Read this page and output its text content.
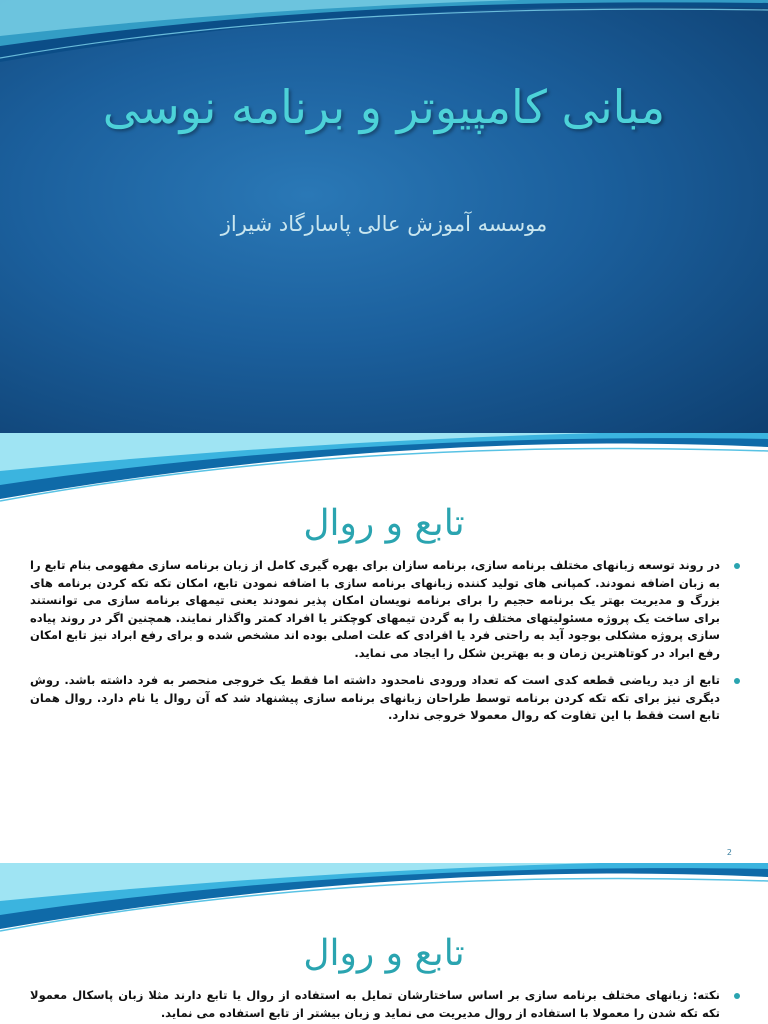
مبانی کامپیوتر و برنامه نوسی
موسسه آموزش عالی پاسارگاد شیراز
تابع و روال
در روند توسعه زبانهای مختلف برنامه سازی، برنامه سازان برای بهره گیری کامل از زبان برنامه سازی مفهومی بنام تابع را به زبان اضافه نمودند. کمپانی های تولید کننده زبانهای برنامه سازی با اضافه نمودن تابع، امکان تکه تکه کردن برنامه های بزرگ و مدیریت بهتر یک برنامه حجیم را برای برنامه نویسان امکان پذیر نمودند یعنی تیمهای برنامه سازی می توانستند برای ساخت یک پروژه مسئولیتهای مختلف را به گردن تیمهای کوچکتر یا افراد کمتر واگذار نمایند. همچنین اگر در روند پیاده سازی پروژه مشکلی بوجود آید به راحتی فرد یا افرادی که علت اصلی بوده اند مشخص شده و برای رفع ابراد نیز تابع امکان رفع ابراد در کوتاهترین زمان و به بهترین شکل را ایجاد می نماید.
تابع از دید ریاضی قطعه کدی است که تعداد ورودی نامحدود داشته اما فقط یک خروجی منحصر به فرد داشته باشد. روش دیگری نیز برای تکه تکه کردن برنامه توسط طراحان زبانهای برنامه سازی پیشنهاد شد که آن روال یا نام دارد. روال همان تابع است فقط با این تفاوت که روال معمولا خروجی ندارد.
2
تابع و روال
نکته: زبانهای مختلف برنامه سازی بر اساس ساختارشان تمایل به استفاده از روال یا تابع دارند مثلا زبان پاسکال معمولا تکه تکه شدن را معمولا با استفاده از روال مدیریت می نماید و زبان بیشتر از تابع استفاده می نماید.
